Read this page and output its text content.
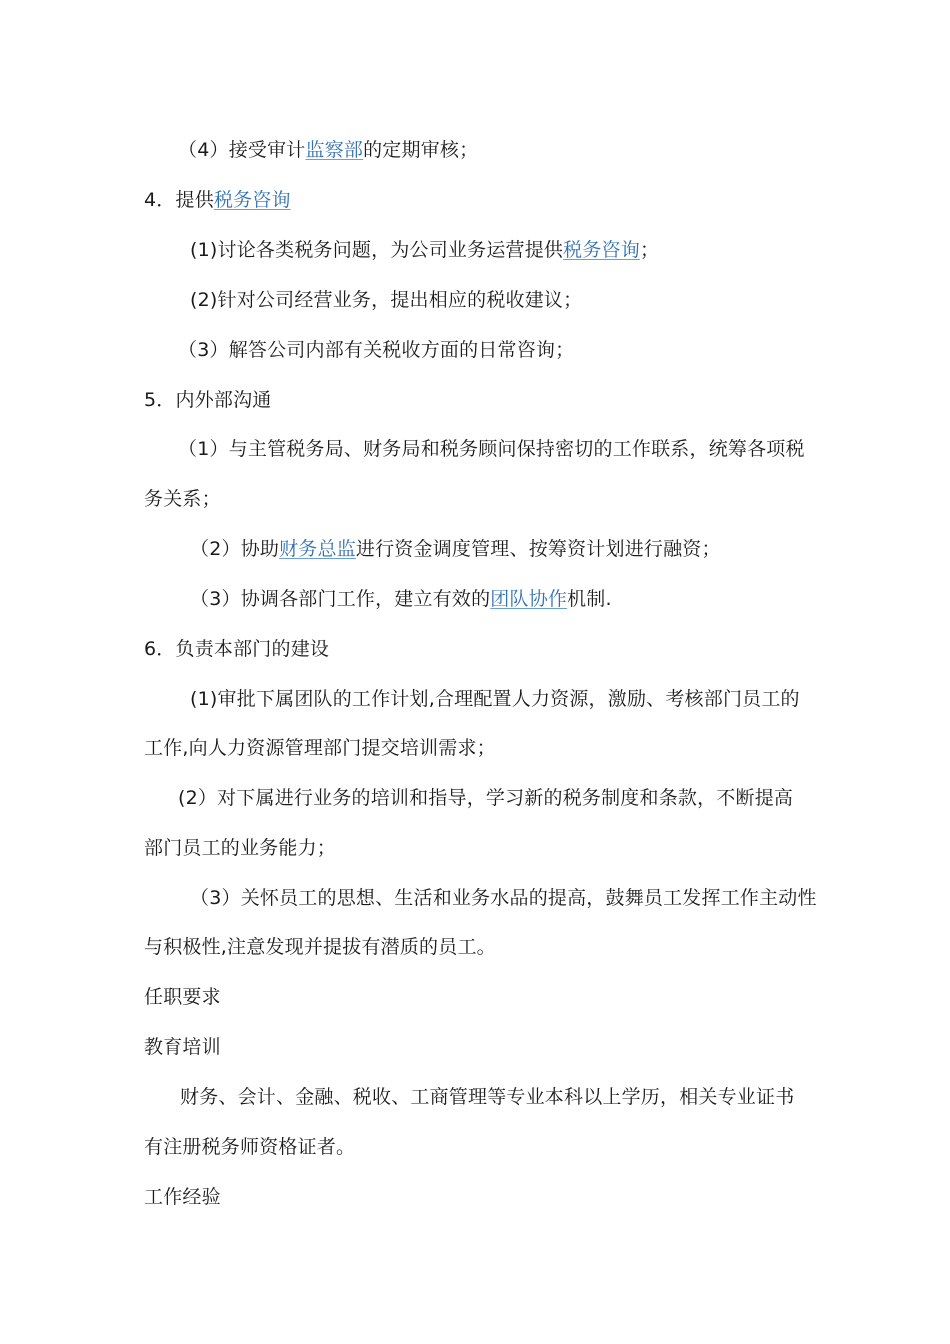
（4）接受审计监察部的定期审核；
4．提供税务咨询
(1)讨论各类税务问题，为公司业务运营提供税务咨询；
(2)针对公司经营业务，提出相应的税收建议；
（3）解答公司内部有关税收方面的日常咨询；
5．内外部沟通
（1）与主管税务局、财务局和税务顾问保持密切的工作联系，统筹各项税
务关系；
（2）协助财务总监进行资金调度管理、按筹资计划进行融资；
（3）协调各部门工作，建立有效的团队协作机制.
6．负责本部门的建设
(1)审批下属团队的工作计划,合理配置人力资源，激励、考核部门员工的
工作,向人力资源管理部门提交培训需求；
(2）对下属进行业务的培训和指导，学习新的税务制度和条款，不断提高
部门员工的业务能力；
（3）关怀员工的思想、生活和业务水品的提高，鼓舞员工发挥工作主动性
与积极性,注意发现并提拔有潜质的员工。
任职要求
教育培训
财务、会计、金融、税收、工商管理等专业本科以上学历，相关专业证书
有注册税务师资格证者。
工作经验
